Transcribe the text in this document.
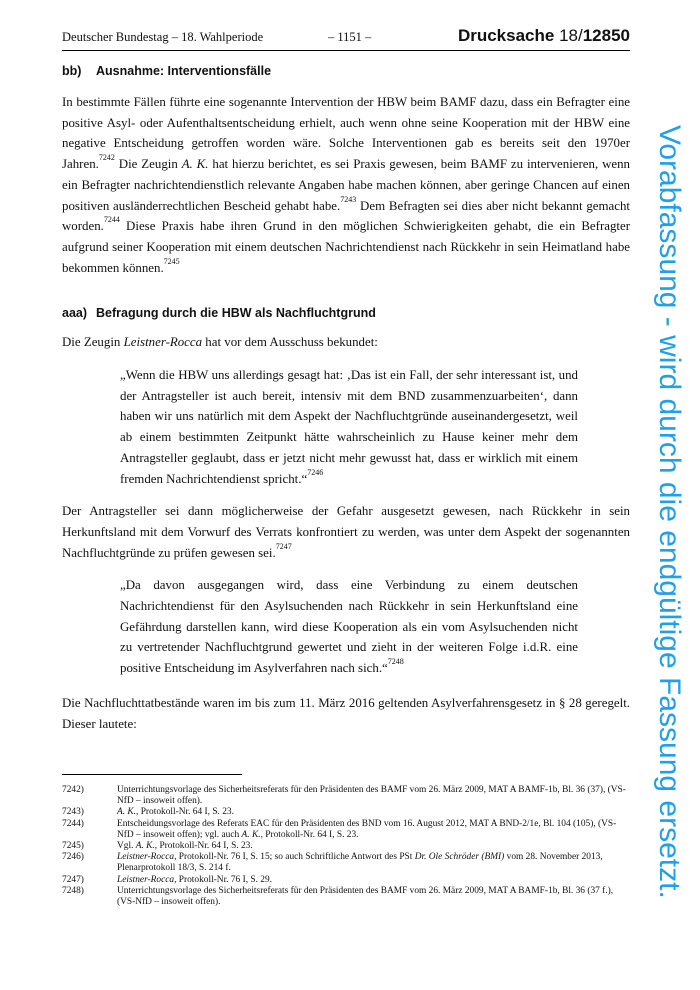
Deutscher Bundestag – 18. Wahlperiode	– 1151 –	Drucksache 18/12850
bb) Ausnahme: Interventionsfälle

In bestimmte Fällen führte eine sogenannte Intervention der HBW beim BAMF dazu, dass ein Befragter eine positive Asyl- oder Aufenthaltsentscheidung erhielt, auch wenn ohne seine Kooperation mit der HBW eine negative Entscheidung getroffen worden wäre. Solche Interventionen gab es bereits seit den 1970er Jahren.$^{7242}$ Die Zeugin A. K. hat hierzu berichtet, es sei Praxis gewesen, beim BAMF zu intervenieren, wenn ein Befragter nachrichtendienstlich relevante Angaben habe machen können, aber geringe Chancen auf einen positiven ausländerrechtlichen Bescheid gehabt habe.$^{7243}$ Dem Befragten sei dies aber nicht bekannt gemacht worden.$^{7244}$ Diese Praxis habe ihren Grund in den möglichen Schwierigkeiten gehabt, die ein Befragter aufgrund seiner Kooperation mit einem deutschen Nachrichtendienst nach Rückkehr in sein Heimatland habe bekommen können.$^{7245}$

aaa) Befragung durch die HBW als Nachfluchtgrund

Die Zeugin Leistner-Rocca hat vor dem Ausschuss bekundet:

„Wenn die HBW uns allerdings gesagt hat: ‚Das ist ein Fall, der sehr interessant ist, und der Antragsteller ist auch bereit, intensiv mit dem BND zusammenzuarbeiten‘, dann haben wir uns natürlich mit dem Aspekt der Nachfluchtgründe auseinandergesetzt, weil ab einem bestimmten Zeitpunkt hätte wahrscheinlich zu Hause keiner mehr dem Antragsteller geglaubt, dass er jetzt nicht mehr gewusst hat, dass er wirklich mit einem fremden Nachrichtendienst spricht.“$^{7246}$

Der Antragsteller sei dann möglicherweise der Gefahr ausgesetzt gewesen, nach Rückkehr in sein Herkunftsland mit dem Vorwurf des Verrats konfrontiert zu werden, was unter dem Aspekt der sogenannten Nachfluchtgründe zu prüfen gewesen sei.$^{7247}$

„Da davon ausgegangen wird, dass eine Verbindung zu einem deutschen Nachrichtendienst für den Asylsuchenden nach Rückkehr in sein Herkunftsland eine Gefährdung darstellen kann, wird diese Kooperation als ein vom Asylsuchenden nicht zu vertretender Nachfluchtgrund gewertet und zieht in der weiteren Folge i.d.R. eine positive Entscheidung im Asylverfahren nach sich.“$^{7248}$

Die Nachfluchttatbestände waren im bis zum 11. März 2016 geltenden Asylverfahrensgesetz in § 28 geregelt. Dieser lautete:

7242)	Unterrichtungsvorlage des Sicherheitsreferats für den Präsidenten des BAMF vom 26. März 2009, MAT A BAMF-1b, Bl. 36 (37), (VS-NfD – insoweit offen).
7243)	A. K., Protokoll-Nr. 64 I, S. 23.
7244)	Entscheidungsvorlage des Referats EAC für den Präsidenten des BND vom 16. August 2012, MAT A BND-2/1e, Bl. 104 (105), (VS-NfD – insoweit offen); vgl. auch A. K., Protokoll-Nr. 64 I, S. 23.
7245)	Vgl. A. K., Protokoll-Nr. 64 I, S. 23.
7246)	Leistner-Rocca, Protokoll-Nr. 76 I, S. 15; so auch Schriftliche Antwort des PSt Dr. Ole Schröder (BMI) vom 28. November 2013, Plenarprotokoll 18/3, S. 214 f.
7247)	Leistner-Rocca, Protokoll-Nr. 76 I, S. 29.
7248)	Unterrichtungsvorlage des Sicherheitsreferats für den Präsidenten des BAMF vom 26. März 2009, MAT A BAMF-1b, Bl. 36 (37 f.), (VS-NfD – insoweit offen).
Vorabfassung - wird durch die endgültige Fassung ersetzt.
